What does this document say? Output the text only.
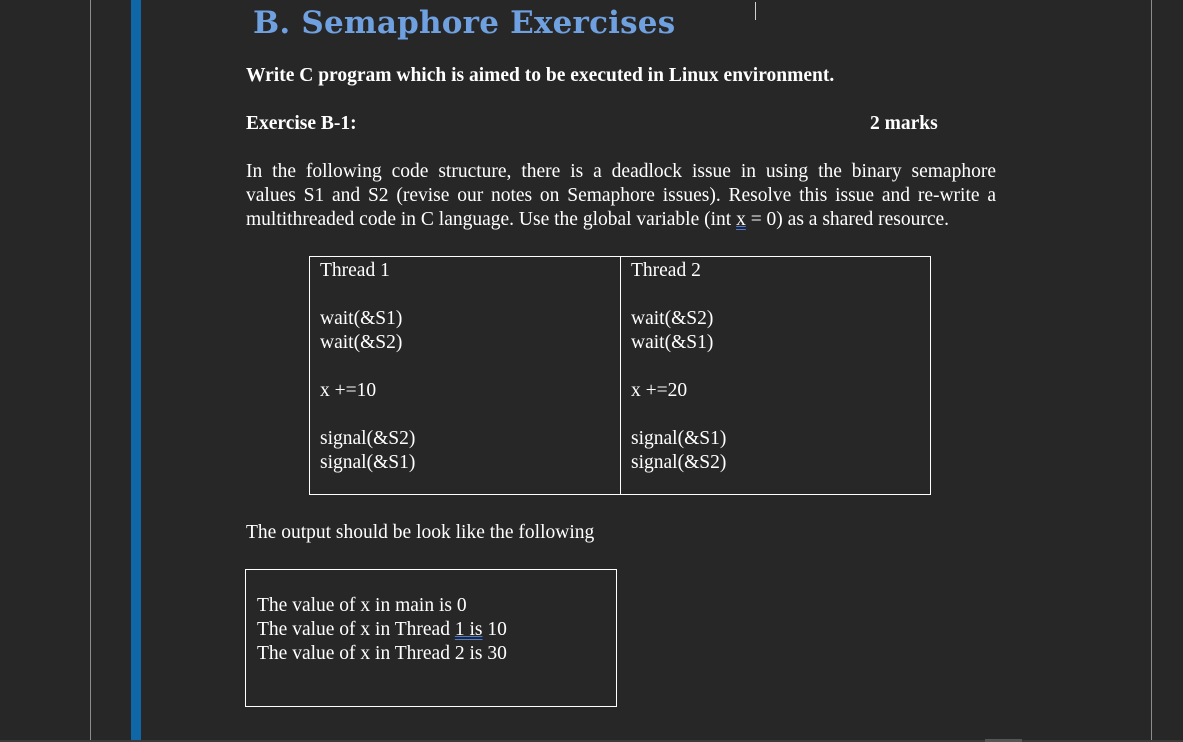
B. Semaphore Exercises
Write C program which is aimed to be executed in Linux environment.
Exercise B-1:	2 marks
In the following code structure, there is a deadlock issue in using the binary semaphore
values S1 and S2 (revise our notes on Semaphore issues). Resolve this issue and re-write a
multithreaded code in C language. Use the global variable (int x = 0) as a shared resource.
Thread 1
wait(&S1)
wait(&S2)
x +=10
signal(&S2)
signal(&S1)
Thread 2
wait(&S2)
wait(&S1)
x +=20
signal(&S1)
signal(&S2)
The output should be look like the following
The value of x in main is 0
The value of x in Thread 1 is 10
The value of x in Thread 2 is 30
